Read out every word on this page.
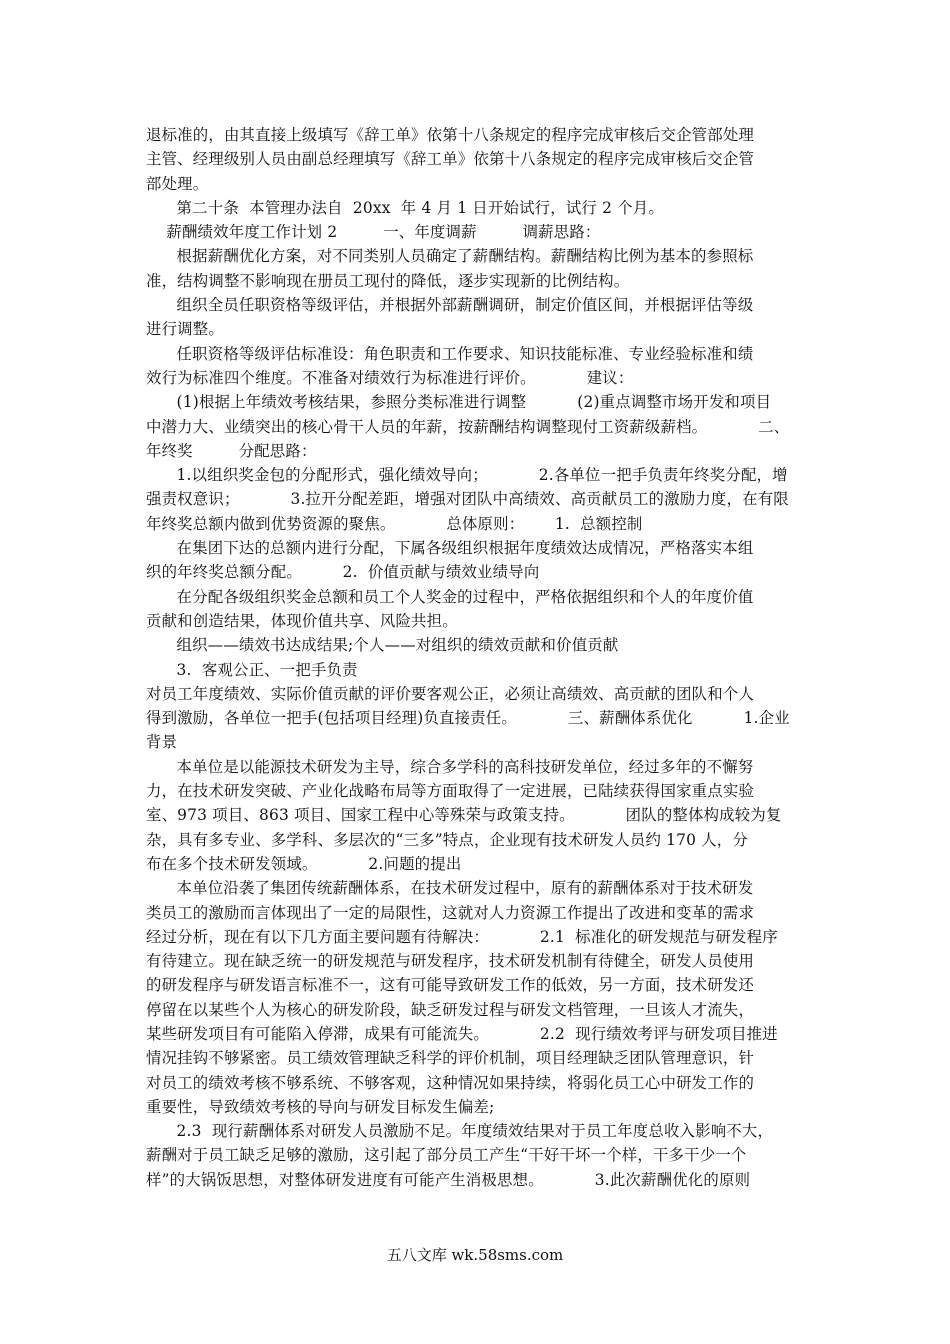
退标准的，由其直接上级填写《辞工单》依第十八条规定的程序完成审核后交企管部处理
主管、经理级别人员由副总经理填写《辞工单》依第十八条规定的程序完成审核后交企管
部处理。
第二十条  本管理办法自  20xx  年 4 月 1 日开始试行，试行 2 个月。
薪酬绩效年度工作计划 2         一、年度调薪         调薪思路：
根据薪酬优化方案，对不同类别人员确定了薪酬结构。薪酬结构比例为基本的参照标
准，结构调整不影响现在册员工现付的降低，逐步实现新的比例结构。
组织全员任职资格等级评估，并根据外部薪酬调研，制定价值区间，并根据评估等级
进行调整。
任职资格等级评估标准设：角色职责和工作要求、知识技能标准、专业经验标准和绩
效行为标准四个维度。不准备对绩效行为标准进行评价。          建议：
(1)根据上年绩效考核结果，参照分类标准进行调整          (2)重点调整市场开发和项目
中潜力大、业绩突出的核心骨干人员的年薪，按薪酬结构调整现付工资薪级薪档。          二、
年终奖         分配思路：
1.以组织奖金包的分配形式，强化绩效导向；          2.各单位一把手负责年终奖分配，增
强责权意识；          3.拉开分配差距，增强对团队中高绩效、高贡献员工的激励力度，在有限
年终奖总额内做到优势资源的聚焦。          总体原则：      1.  总额控制
在集团下达的总额内进行分配，下属各级组织根据年度绩效达成情况，严格落实本组
织的年终奖总额分配。        2.  价值贡献与绩效业绩导向
在分配各级组织奖金总额和员工个人奖金的过程中，严格依据组织和个人的年度价值
贡献和创造结果，体现价值共享、风险共担。
组织——绩效书达成结果;个人——对组织的绩效贡献和价值贡献
3.  客观公正、一把手负责
对员工年度绩效、实际价值贡献的评价要客观公正，必须让高绩效、高贡献的团队和个人
得到激励，各单位一把手(包括项目经理)负直接责任。          三、薪酬体系优化          1.企业
背景
本单位是以能源技术研发为主导，综合多学科的高科技研发单位，经过多年的不懈努
力，在技术研发突破、产业化战略布局等方面取得了一定进展，已陆续获得国家重点实验
室、973 项目、863 项目、国家工程中心等殊荣与政策支持。          团队的整体构成较为复
杂，具有多专业、多学科、多层次的“三多”特点，企业现有技术研发人员约 170 人，分
布在多个技术研发领域。          2.问题的提出
本单位沿袭了集团传统薪酬体系，在技术研发过程中，原有的薪酬体系对于技术研发
类员工的激励而言体现出了一定的局限性，这就对人力资源工作提出了改进和变革的需求
经过分析，现在有以下几方面主要问题有待解决：          2.1  标准化的研发规范与研发程序
有待建立。现在缺乏统一的研发规范与研发程序，技术研发机制有待健全，研发人员使用
的研发程序与研发语言标准不一，这有可能导致研发工作的低效，另一方面，技术研发还
停留在以某些个人为核心的研发阶段，缺乏研发过程与研发文档管理，一旦该人才流失，
某些研发项目有可能陷入停滞，成果有可能流失。          2.2  现行绩效考评与研发项目推进
情况挂钩不够紧密。员工绩效管理缺乏科学的评价机制，项目经理缺乏团队管理意识，针
对员工的绩效考核不够系统、不够客观，这种情况如果持续，将弱化员工心中研发工作的
重要性，导致绩效考核的导向与研发目标发生偏差;
2.3  现行薪酬体系对研发人员激励不足。年度绩效结果对于员工年度总收入影响不大，
薪酬对于员工缺乏足够的激励，这引起了部分员工产生“干好干坏一个样，干多干少一个
样”的大锅饭思想，对整体研发进度有可能产生消极思想。          3.此次薪酬优化的原则
五八文库 wk.58sms.com
